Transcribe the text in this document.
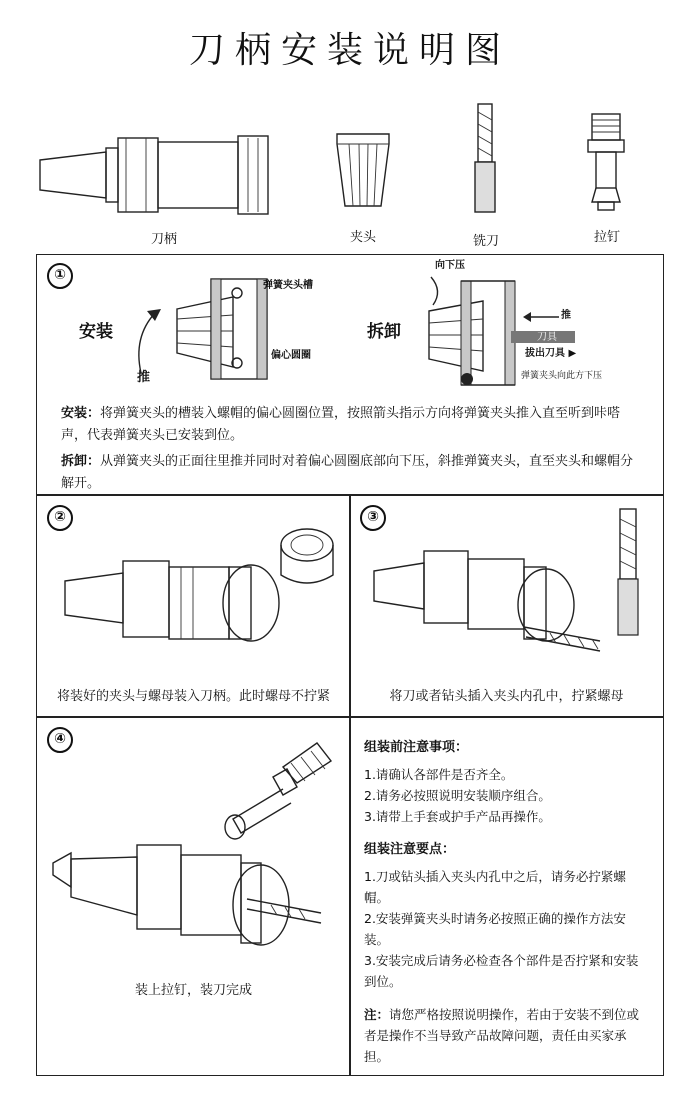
刀柄安装说明图
刀柄	夹头	铣刀	拉钉
①
安装
推
弹簧夹头槽
偏心圆圈
拆卸
向下压
刀具
推
拔出刀具 ▶
弹簧夹头向此方下压
安装：将弹簧夹头的槽装入螺帽的偏心圆圈位置，按照箭头指示方向将弹簧夹头推入直至听到咔嗒声，代表弹簧夹头已安装到位。
拆卸：从弹簧夹头的正面往里推并同时对着偏心圆圈底部向下压，斜推弹簧夹头，直至夹头和螺帽分解开。
②
将装好的夹头与螺母装入刀柄。此时螺母不拧紧
③
将刀或者钻头插入夹头内孔中，拧紧螺母
④
装上拉钉，装刀完成
组装前注意事项：

1.请确认各部件是否齐全。

2.请务必按照说明安装顺序组合。

3.请带上手套或护手产品再操作。

组装注意要点：

1.刀或钻头插入夹头内孔中之后，请务必拧紧螺帽。

2.安装弹簧夹头时请务必按照正确的操作方法安装。

3.安装完成后请务必检查各个部件是否拧紧和安装到位。

注：请您严格按照说明操作，若由于安装不到位或者是操作不当导致产品故障问题，责任由买家承担。
